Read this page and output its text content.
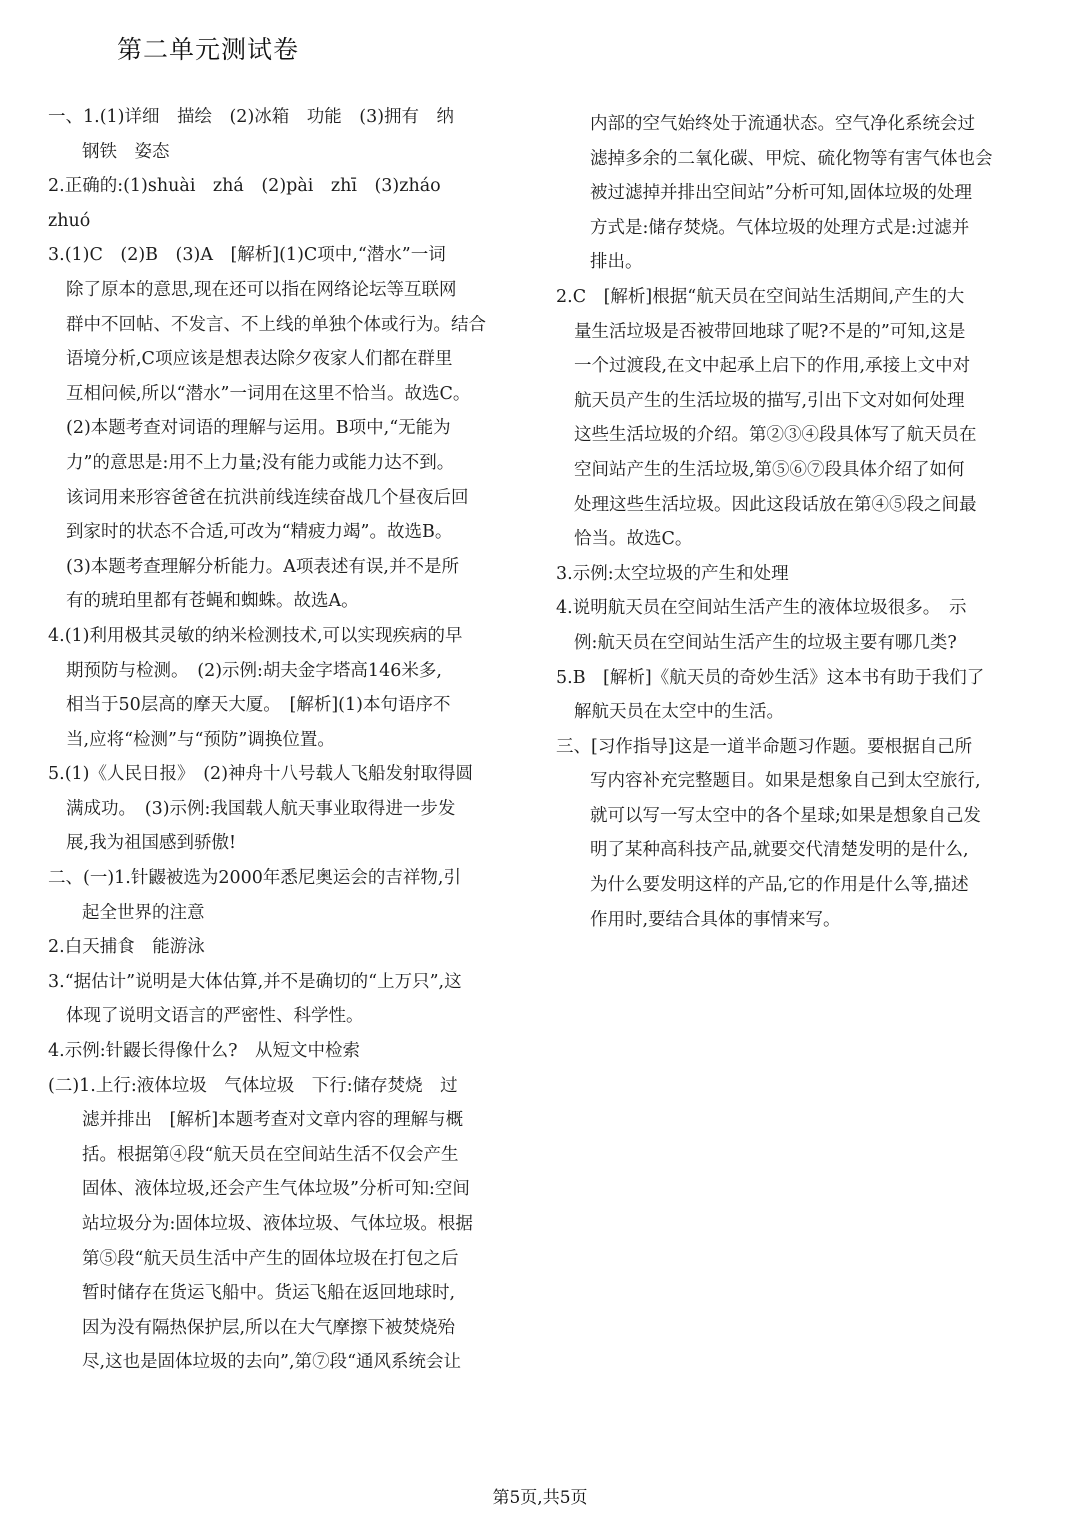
第二单元测试卷
一、1.(1)详细　描绘　(2)冰箱　功能　(3)拥有　纳
钢铁　姿态
2.正确的:(1)shuài　zhá　(2)pài　zhī　(3)zháo　zhuó
3.(1)C　(2)B　(3)A　[解析](1)C项中,“潜水”一词
除了原本的意思,现在还可以指在网络论坛等互联网
群中不回帖、不发言、不上线的单独个体或行为。结合
语境分析,C项应该是想表达除夕夜家人们都在群里
互相问候,所以“潜水”一词用在这里不恰当。故选C。
(2)本题考查对词语的理解与运用。B项中,“无能为
力”的意思是:用不上力量;没有能力或能力达不到。
该词用来形容爸爸在抗洪前线连续奋战几个昼夜后回
到家时的状态不合适,可改为“精疲力竭”。故选B。
(3)本题考查理解分析能力。A项表述有误,并不是所
有的琥珀里都有苍蝇和蜘蛛。故选A。
4.(1)利用极其灵敏的纳米检测技术,可以实现疾病的早
期预防与检测。　(2)示例:胡夫金字塔高146米多,
相当于50层高的摩天大厦。　[解析](1)本句语序不
当,应将“检测”与“预防”调换位置。
5.(1)《人民日报》　(2)神舟十八号载人飞船发射取得圆
满成功。　(3)示例:我国载人航天事业取得进一步发
展,我为祖国感到骄傲!
二、(一)1.针鼹被选为2000年悉尼奥运会的吉祥物,引
起全世界的注意
2.白天捕食　能游泳
3.“据估计”说明是大体估算,并不是确切的“上万只”,这
体现了说明文语言的严密性、科学性。
4.示例:针鼹长得像什么?　从短文中检索
(二)1.上行:液体垃圾　气体垃圾　下行:储存焚烧　过
滤并排出　[解析]本题考查对文章内容的理解与概
括。根据第④段“航天员在空间站生活不仅会产生
固体、液体垃圾,还会产生气体垃圾”分析可知:空间
站垃圾分为:固体垃圾、液体垃圾、气体垃圾。根据
第⑤段“航天员生活中产生的固体垃圾在打包之后
暂时储存在货运飞船中。货运飞船在返回地球时,
因为没有隔热保护层,所以在大气摩擦下被焚烧殆
尽,这也是固体垃圾的去向”,第⑦段“通风系统会让
内部的空气始终处于流通状态。空气净化系统会过
滤掉多余的二氧化碳、甲烷、硫化物等有害气体也会
被过滤掉并排出空间站”分析可知,固体垃圾的处理
方式是:储存焚烧。气体垃圾的处理方式是:过滤并
排出。
2.C　[解析]根据“航天员在空间站生活期间,产生的大
量生活垃圾是否被带回地球了呢?不是的”可知,这是
一个过渡段,在文中起承上启下的作用,承接上文中对
航天员产生的生活垃圾的描写,引出下文对如何处理
这些生活垃圾的介绍。第②③④段具体写了航天员在
空间站产生的生活垃圾,第⑤⑥⑦段具体介绍了如何
处理这些生活垃圾。因此这段话放在第④⑤段之间最
恰当。故选C。
3.示例:太空垃圾的产生和处理
4.说明航天员在空间站生活产生的液体垃圾很多。　示
例:航天员在空间站生活产生的垃圾主要有哪几类?
5.B　[解析]《航天员的奇妙生活》这本书有助于我们了
解航天员在太空中的生活。
三、[习作指导]这是一道半命题习作题。要根据自己所
写内容补充完整题目。如果是想象自己到太空旅行,
就可以写一写太空中的各个星球;如果是想象自己发
明了某种高科技产品,就要交代清楚发明的是什么,
为什么要发明这样的产品,它的作用是什么等,描述
作用时,要结合具体的事情来写。
第5页,共5页
